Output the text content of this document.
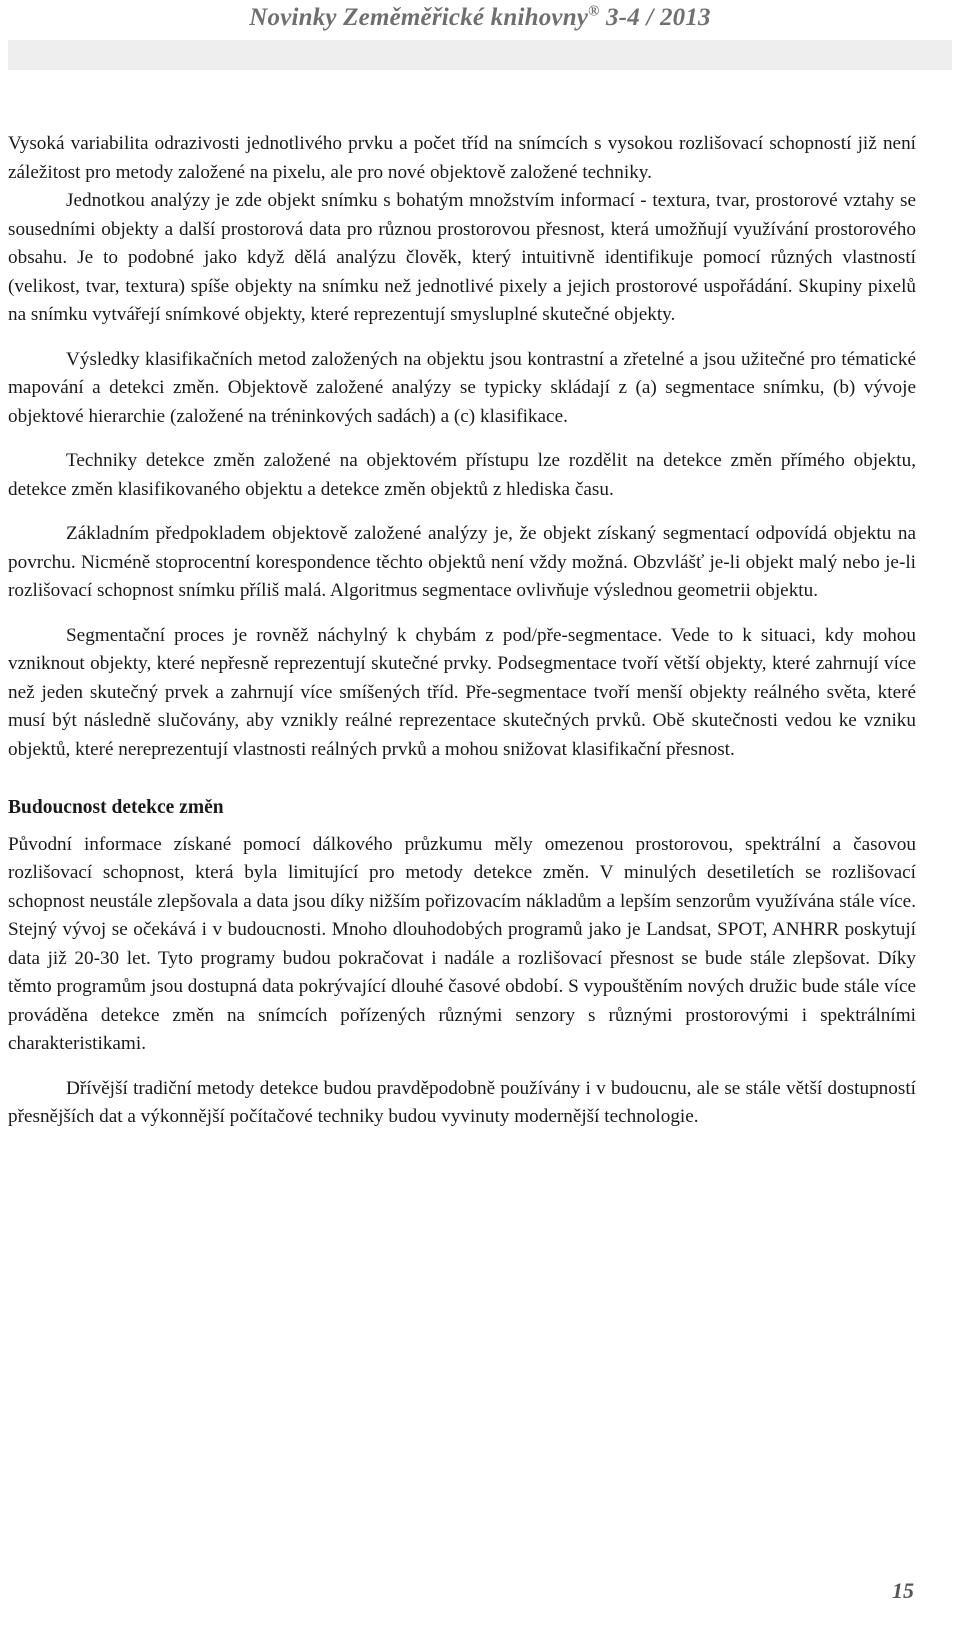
Novinky Zeměměřické knihovny® 3-4 / 2013

Vysoká variabilita odrazivosti jednotlivého prvku a počet tříd na snímcích s vysokou rozlišovací schopností již není záležitost pro metody založené na pixelu, ale pro nové objektově založené techniky.

Jednotkou analýzy je zde objekt snímku s bohatým množstvím informací - textura, tvar, prostorové vztahy se sousedními objekty a další prostorová data pro různou prostorovou přesnost, která umožňují využívání prostorového obsahu. Je to podobné jako když dělá analýzu člověk, který intuitivně identifikuje pomocí různých vlastností (velikost, tvar, textura) spíše objekty na snímku než jednotlivé pixely a jejich prostorové uspořádání. Skupiny pixelů na snímku vytvářejí snímkové objekty, které reprezentují smysluplné skutečné objekty.

Výsledky klasifikačních metod založených na objektu jsou kontrastní a zřetelné a jsou užitečné pro tématické mapování a detekci změn. Objektově založené analýzy se typicky skládají z (a) segmentace snímku, (b) vývoje objektové hierarchie (založené na tréninkových sadách) a (c) klasifikace.

Techniky detekce změn založené na objektovém přístupu lze rozdělit na detekce změn přímého objektu, detekce změn klasifikovaného objektu a detekce změn objektů z hlediska času.

Základním předpokladem objektově založené analýzy je, že objekt získaný segmentací odpovídá objektu na povrchu. Nicméně stoprocentní korespondence těchto objektů není vždy možná. Obzvlášť je-li objekt malý nebo je-li rozlišovací schopnost snímku příliš malá. Algoritmus segmentace ovlivňuje výslednou geometrii objektu.

Segmentační proces je rovněž náchylný k chybám z pod/pře-segmentace. Vede to k situaci, kdy mohou vzniknout objekty, které nepřesně reprezentují skutečné prvky. Podsegmentace tvoří větší objekty, které zahrnují více než jeden skutečný prvek a zahrnují více smíšených tříd. Pře-segmentace tvoří menší objekty reálného světa, které musí být následně slučovány, aby vznikly reálné reprezentace skutečných prvků. Obě skutečnosti vedou ke vzniku objektů, které nereprezentují vlastnosti reálných prvků a mohou snižovat klasifikační přesnost.

Budoucnost detekce změn

Původní informace získané pomocí dálkového průzkumu měly omezenou prostorovou, spektrální a časovou rozlišovací schopnost, která byla limitující pro metody detekce změn. V minulých desetiletích se rozlišovací schopnost neustále zlepšovala a data jsou díky nižším pořizovacím nákladům a lepším senzorům využívána stále více. Stejný vývoj se očekává i v budoucnosti. Mnoho dlouhodobých programů jako je Landsat, SPOT, ANHRR poskytují data již 20-30 let. Tyto programy budou pokračovat i nadále a rozlišovací přesnost se bude stále zlepšovat. Díky těmto programům jsou dostupná data pokrývající dlouhé časové období. S vypouštěním nových družic bude stále více prováděna detekce změn na snímcích pořízených různými senzory s různými prostorovými i spektrálními charakteristikami.

Dřívější tradiční metody detekce budou pravděpodobně používány i v budoucnu, ale se stále větší dostupností přesnějších dat a výkonnější počítačové techniky budou vyvinuty modernější technologie.

15
